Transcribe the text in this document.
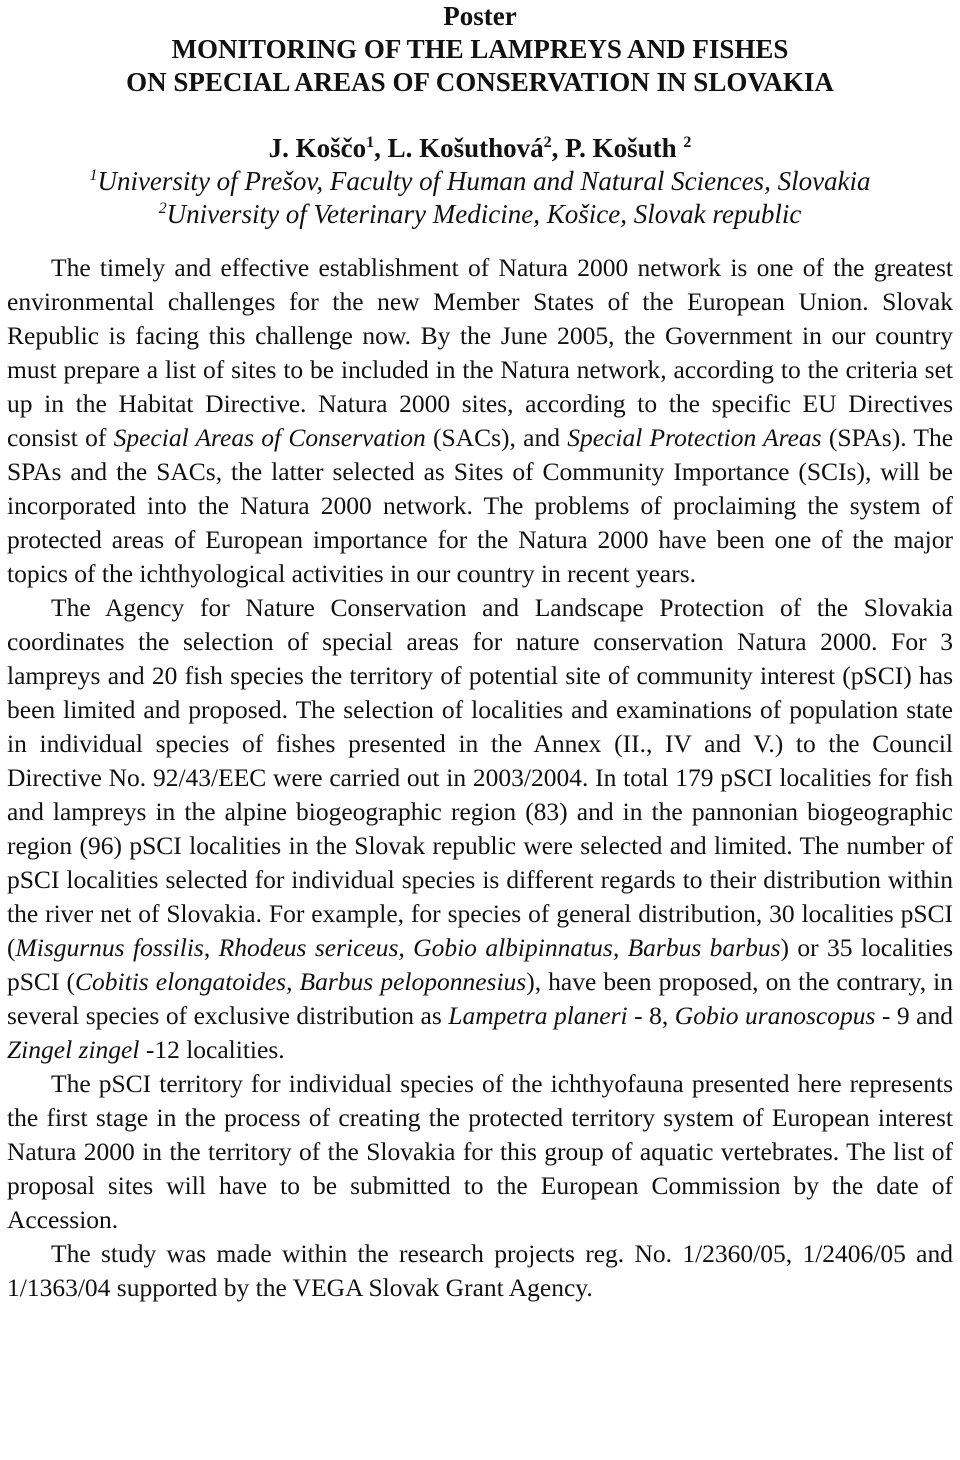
Poster
MONITORING OF THE LAMPREYS AND FISHES
ON SPECIAL AREAS OF CONSERVATION IN SLOVAKIA
J. Koščo$^1$, L. Košuthová$^2$, P. Košuth $^2$
$^1$University of Prešov, Faculty of Human and Natural Sciences, Slovakia
$^2$University of Veterinary Medicine, Košice, Slovak republic

The timely and effective establishment of Natura 2000 network is one of the greatest environmental challenges for the new Member States of the European Union. Slovak Republic is facing this challenge now. By the June 2005, the Government in our country must prepare a list of sites to be included in the Natura network, according to the criteria set up in the Habitat Directive. Natura 2000 sites, according to the specific EU Directives consist of Special Areas of Conservation (SACs), and Special Protection Areas (SPAs). The SPAs and the SACs, the latter selected as Sites of Community Importance (SCIs), will be incorporated into the Natura 2000 network. The problems of proclaiming the system of protected areas of European importance for the Natura 2000 have been one of the major topics of the ichthyological activities in our country in recent years.

The Agency for Nature Conservation and Landscape Protection of the Slovakia coordinates the selection of special areas for nature conservation Natura 2000. For 3 lampreys and 20 fish species the territory of potential site of community interest (pSCI) has been limited and proposed. The selection of localities and examinations of population state in individual species of fishes presented in the Annex (II., IV and V.) to the Council Directive No. 92/43/EEC were carried out in 2003/2004. In total 179 pSCI localities for fish and lampreys in the alpine biogeographic region (83) and in the pannonian biogeographic region (96) pSCI localities in the Slovak republic were selected and limited. The number of pSCI localities selected for individual species is different regards to their distribution within the river net of Slovakia. For example, for species of general distribution, 30 localities pSCI (Misgurnus fossilis, Rhodeus sericeus, Gobio albipinnatus, Barbus barbus) or 35 localities pSCI (Cobitis elongatoides, Barbus peloponnesius), have been proposed, on the contrary, in several species of exclusive distribution as Lampetra planeri - 8, Gobio uranoscopus - 9 and Zingel zingel -12 localities.

The pSCI territory for individual species of the ichthyofauna presented here represents the first stage in the process of creating the protected territory system of European interest Natura 2000 in the territory of the Slovakia for this group of aquatic vertebrates. The list of proposal sites will have to be submitted to the European Commission by the date of Accession.

The study was made within the research projects reg. No. 1/2360/05, 1/2406/05 and 1/1363/04 supported by the VEGA Slovak Grant Agency.
